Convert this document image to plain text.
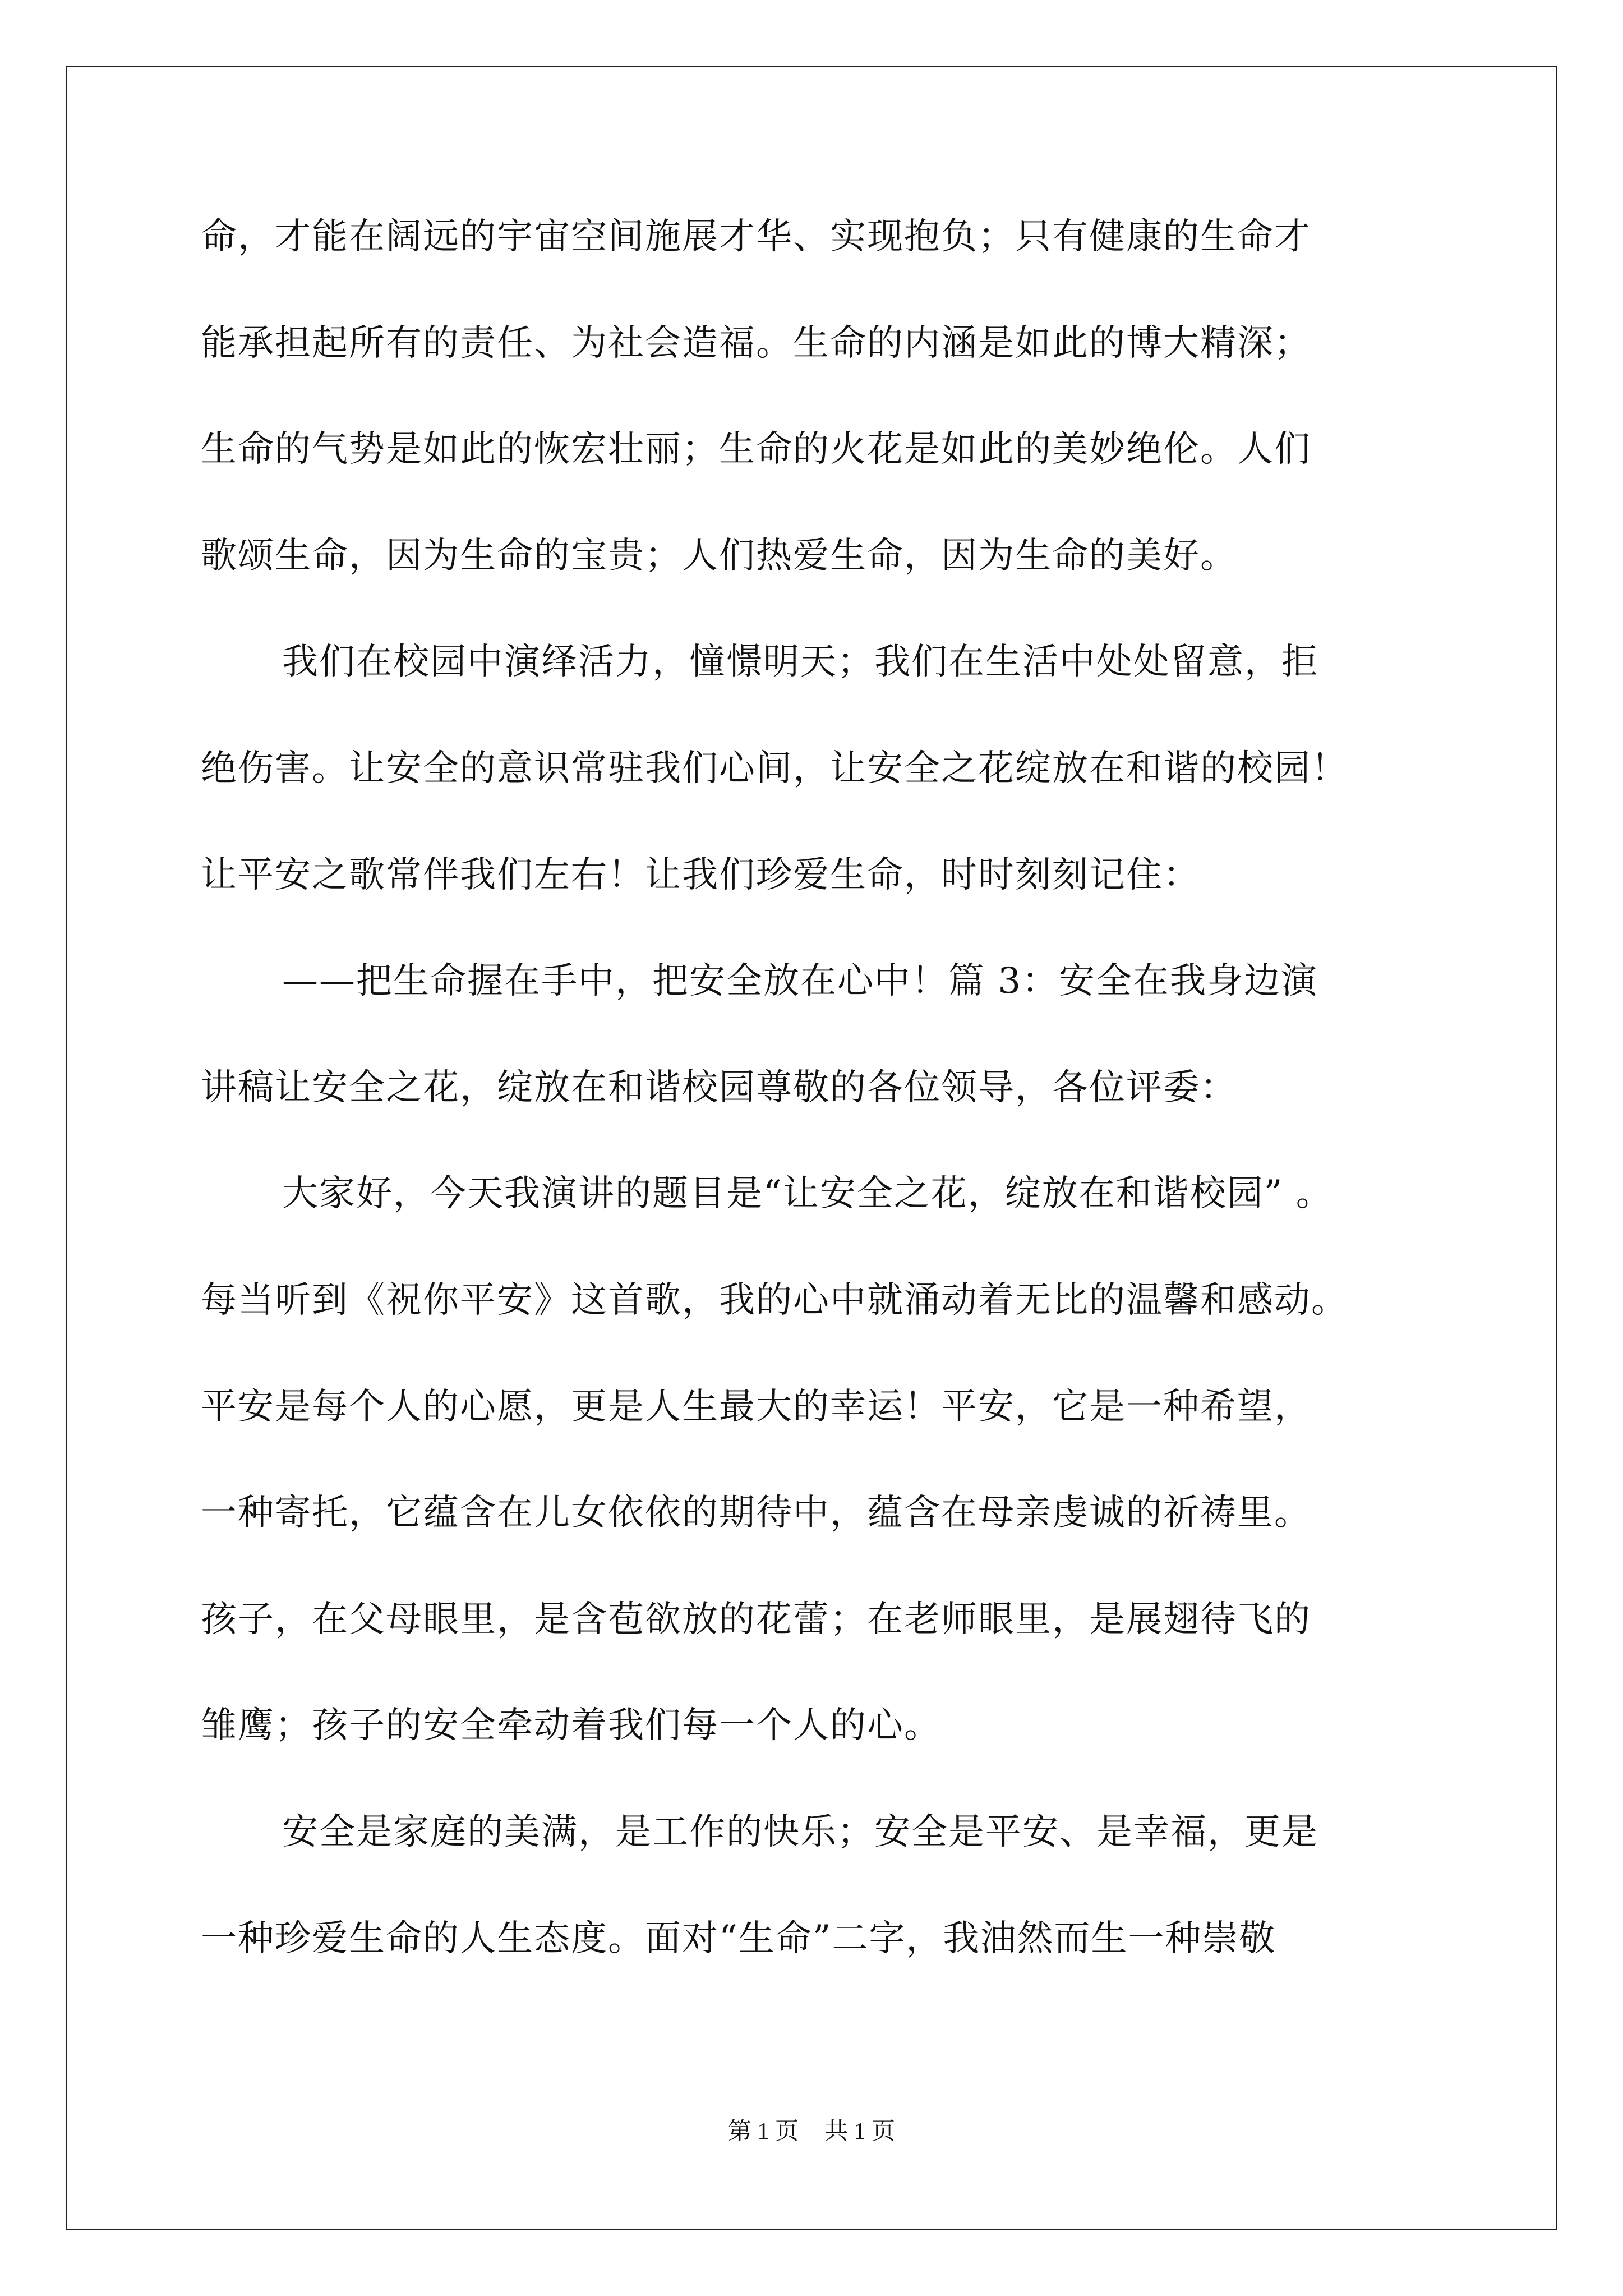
命，才能在阔远的宇宙空间施展才华、实现抱负；只有健康的生命才
能承担起所有的责任、为社会造福。生命的内涵是如此的博大精深；
生命的气势是如此的恢宏壮丽；生命的火花是如此的美妙绝伦。人们
歌颂生命，因为生命的宝贵；人们热爱生命，因为生命的美好。
我们在校园中演绎活力，憧憬明天；我们在生活中处处留意，拒
绝伤害。让安全的意识常驻我们心间，让安全之花绽放在和谐的校园！
让平安之歌常伴我们左右！让我们珍爱生命，时时刻刻记住：
——把生命握在手中，把安全放在心中！篇 3：安全在我身边演
讲稿让安全之花，绽放在和谐校园尊敬的各位领导，各位评委：
大家好，今天我演讲的题目是“让安全之花，绽放在和谐校园” 。
每当听到《祝你平安》这首歌，我的心中就涌动着无比的温馨和感动。
平安是每个人的心愿，更是人生最大的幸运！平安，它是一种希望，
一种寄托，它蕴含在儿女依依的期待中，蕴含在母亲虔诚的祈祷里。
孩子，在父母眼里，是含苞欲放的花蕾；在老师眼里，是展翅待飞的
雏鹰；孩子的安全牵动着我们每一个人的心。
安全是家庭的美满，是工作的快乐；安全是平安、是幸福，更是
一种珍爱生命的人生态度。面对“生命”二字，我油然而生一种崇敬
第 1 页 共 1 页
